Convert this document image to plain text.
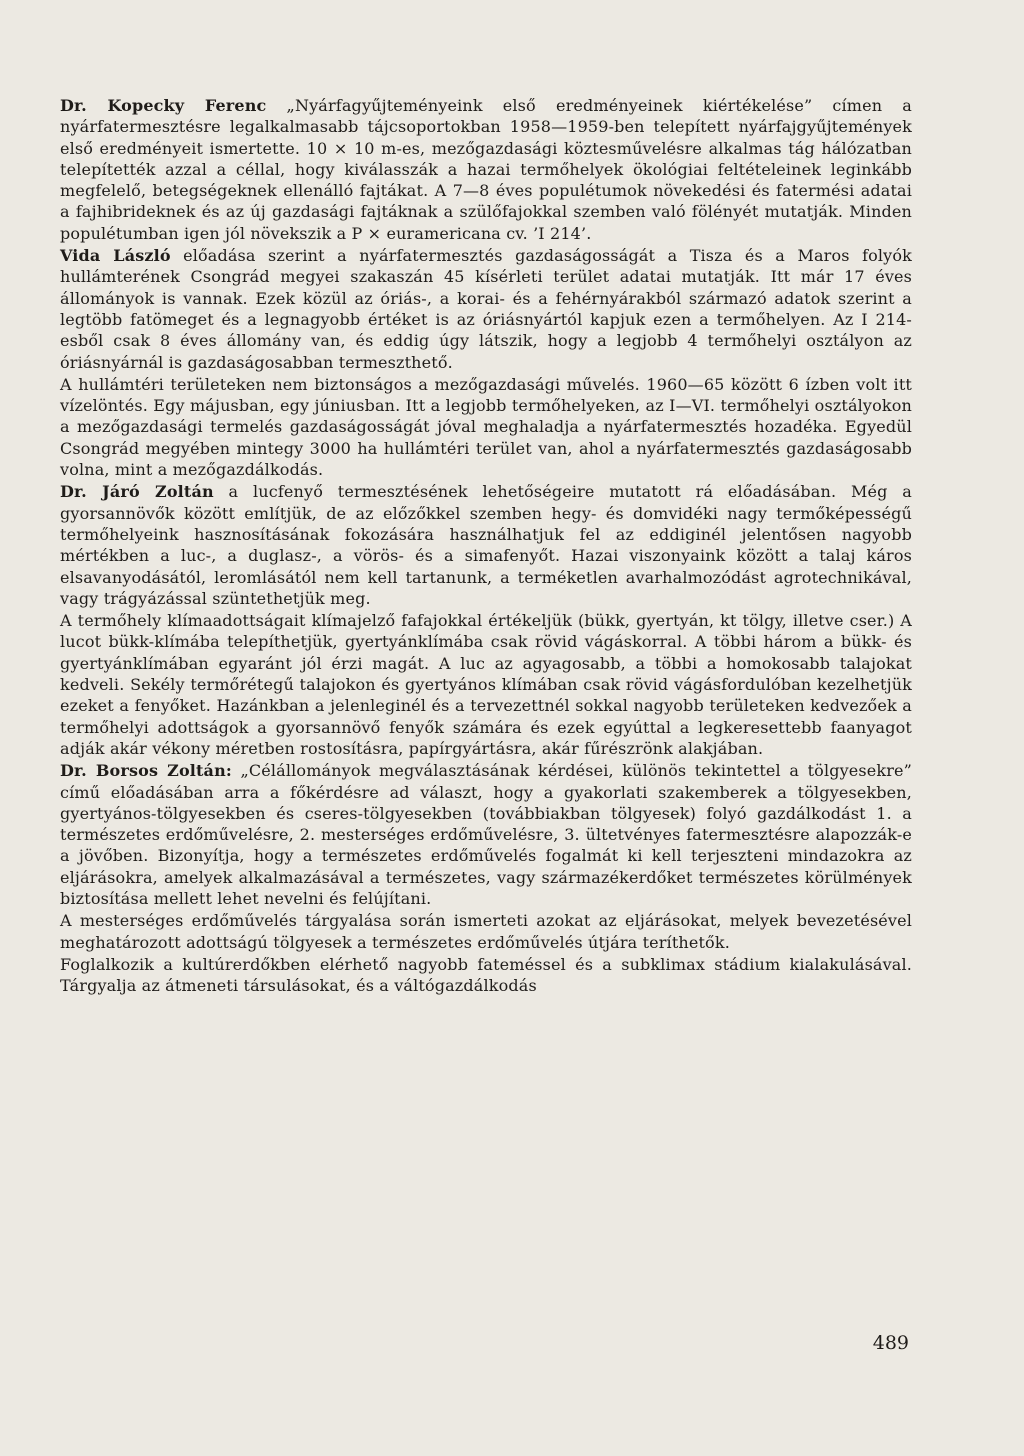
Dr. Kopecky Ferenc „Nyárfagyűjteményeink első eredményeinek kiértékelése” címen a nyárfatermesztésre legalkalmasabb tájcsoportokban 1958—1959-ben telepített nyárfajgyűjtemények első eredményeit ismertette. 10 × 10 m-es, mezőgazdasági köztesművelésre alkalmas tág hálózatban telepítették azzal a céllal, hogy kiválasszák a hazai termőhelyek ökológiai feltételeinek leginkább megfelelő, betegségeknek ellenálló fajtákat. A 7—8 éves populétumok növekedési és fatermési adatai a fajhibrideknek és az új gazdasági fajtáknak a szülőfajokkal szemben való fölényét mutatják. Minden populétumban igen jól növekszik a P × euramericana cv. ’I 214’.

Vida László előadása szerint a nyárfatermesztés gazdaságosságát a Tisza és a Maros folyók hullámterének Csongrád megyei szakaszán 45 kísérleti terület adatai mutatják. Itt már 17 éves állományok is vannak. Ezek közül az óriás-, a korai- és a fehérnyárakból származó adatok szerint a legtöbb fatömeget és a legnagyobb értéket is az óriásnyártól kapjuk ezen a termőhelyen. Az I 214-esből csak 8 éves állomány van, és eddig úgy látszik, hogy a legjobb 4 termőhelyi osztályon az óriásnyárnál is gazdaságosabban termeszthető.

A hullámtéri területeken nem biztonságos a mezőgazdasági művelés. 1960—65 között 6 ízben volt itt vízelöntés. Egy májusban, egy júniusban. Itt a legjobb termőhelyeken, az I—VI. termőhelyi osztályokon a mezőgazdasági termelés gazdaságosságát jóval meghaladja a nyárfatermesztés hozadéka. Egyedül Csongrád megyében mintegy 3000 ha hullámtéri terület van, ahol a nyárfatermesztés gazdaságosabb volna, mint a mezőgazdálkodás.

Dr. Járó Zoltán a lucfenyő termesztésének lehetőségeire mutatott rá előadásában. Még a gyorsannövők között említjük, de az előzőkkel szemben hegy- és domvidéki nagy termőképességű termőhelyeink hasznosításának fokozására használhatjuk fel az eddiginél jelentősen nagyobb mértékben a luc-, a duglasz-, a vörös- és a simafenyőt. Hazai viszonyaink között a talaj káros elsavanyodásától, leromlásától nem kell tartanunk, a terméketlen avarhalmozódást agrotechnikával, vagy trágyázással szüntethetjük meg.

A termőhely klímaadottságait klímajelző fafajokkal értékeljük (bükk, gyertyán, kt tölgy, illetve cser.) A lucot bükk-klímába telepíthetjük, gyertyánklímába csak rövid vágáskorral. A többi három a bükk- és gyertyánklímában egyaránt jól érzi magát. A luc az agyagosabb, a többi a homokosabb talajokat kedveli. Sekély termőrétegű talajokon és gyertyános klímában csak rövid vágásfordulóban kezelhetjük ezeket a fenyőket. Hazánkban a jelenleginél és a tervezettnél sokkal nagyobb területeken kedvezőek a termőhelyi adottságok a gyorsannövő fenyők számára és ezek egyúttal a legkeresettebb faanyagot adják akár vékony méretben rostosításra, papírgyártásra, akár fűrészrönk alakjában.

Dr. Borsos Zoltán: „Célállományok megválasztásának kérdései, különös tekintettel a tölgyesekre” című előadásában arra a főkérdésre ad választ, hogy a gyakorlati szakemberek a tölgyesekben, gyertyános-tölgyesekben és cseres-tölgyesekben (továbbiakban tölgyesek) folyó gazdálkodást 1. a természetes erdőművelésre, 2. mesterséges erdőművelésre, 3. ültetvényes fatermesztésre alapozzák-e a jövőben. Bizonyítja, hogy a természetes erdőművelés fogalmát ki kell terjeszteni mindazokra az eljárásokra, amelyek alkalmazásával a természetes, vagy származékerdőket természetes körülmények biztosítása mellett lehet nevelni és felújítani.

A mesterséges erdőművelés tárgyalása során ismerteti azokat az eljárásokat, melyek bevezetésével meghatározott adottságú tölgyesek a természetes erdőművelés útjára teríthetők.

Foglalkozik a kultúrerdőkben elérhető nagyobb fateméssel és a subklimax stádium kialakulásával. Tárgyalja az átmeneti társulásokat, és a váltógazdálkodás

489
